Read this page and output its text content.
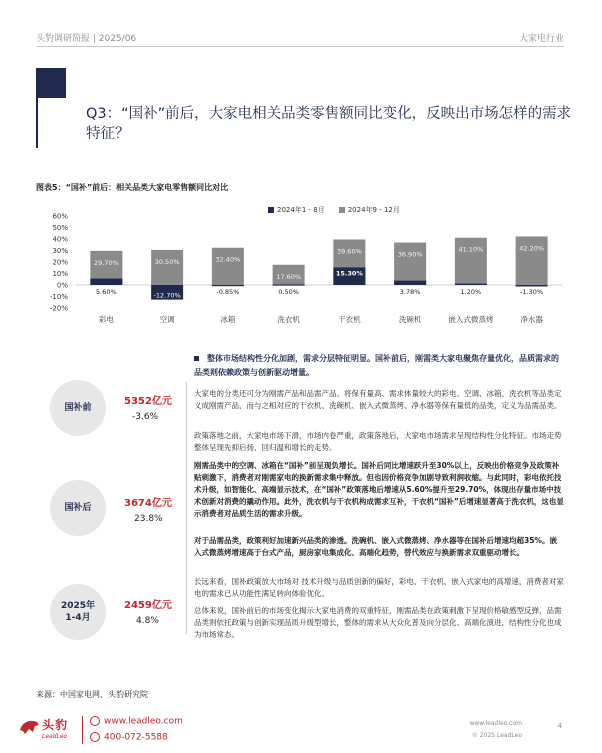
头豹调研简报 | 2025/06	大家电行业
Q3：“国补”前后，大家电相关品类零售额同比变化，反映出市场怎样的需求特征？
图表5：“国补”前后：相关品类大家电零售额同比对比
2024年1 - 8月	2024年9 - 12月
60%
50%
40%
30%
20%
10%
0%
-10%
-20%
29.70%
5.60%
彩电
30.50%
-12.70%
空调
32.40%
-0.85%
冰箱
17.60%
0.50%
洗衣机
39.60%
15.30%
干衣机
36.90%
3.78%
洗碗机
41.10%
1.20%
嵌入式微蒸烤
42.20%
-1.30%
净水器
整体市场结构性分化加剧，需求分层特征明显。国补前后，刚需类大家电聚焦存量优化，品质需求的品类则依赖政策与创新驱动增量。
国补前
5352亿元
-3.6%
国补后	3674亿元
23.8%
2025年 1-4月
2459亿元
4.8%
大家电的分类还可分为刚需产品和品需产品。将保有量高、需求体量较大的彩电、空调、冰箱、洗衣机等品类定义成刚需产品，而与之相对应的干衣机、洗碗机、嵌入式微蒸烤、净水器等保有量低的品类，定义为品需品类。
政策落地之前，大家电市场下滑，市场内卷严重，政策落地后，大家电市场需求呈现结构性分化特征。市场走势整体呈现先抑后扬、回归温和增长的走势。
刚需品类中的空调、冰箱在“国补”前呈现负增长。国补后同比增速跃升至30%以上，反映出价格竞争及政策补贴刺激下，消费者对刚需家电的换新需求集中释放。但也因价格竞争加剧导致利润收缩。与此同时，彩电依托技术升级，如智能化、高端显示技术，在“国补”政策落地后增速从5.60%提升至29.70%，体现出存量市场中技术创新对消费的撬动作用。此外，洗衣机与干衣机构成需求互补，干衣机“国补”后增速显著高于洗衣机，这也显示消费者对品质生活的需求升级。
对于品需品类，政策利好加速新兴品类的渗透。洗碗机、嵌入式微蒸烤、净水器等在国补后增速均超35%。嵌入式微蒸烤增速高于台式产品，厨房家电集成化、高端化趋势，替代效应与换新需求双重驱动增长。
长远来看，国补政策放大市场对 技术升级与品质创新的偏好，彩电、干衣机、嵌入式家电的高增速，消费者对家电的需求已从功能性满足转向体验优化。
总体来说，国补前后的市场变化揭示大家电消费的双重特征，刚需品类在政策刺激下呈现价格敏感型反弹，品需品类则依托政策与创新实现品质升级型增长，整体的需求从大众化普及向分层化、高端化演进，结构性分化也成为市场常态。
来源：中国家电网、头豹研究院
头豹
LeadLeo
www.leadleo.com
400-072-5588
www.leadleo.com
© 2025 LeadLeo
4
